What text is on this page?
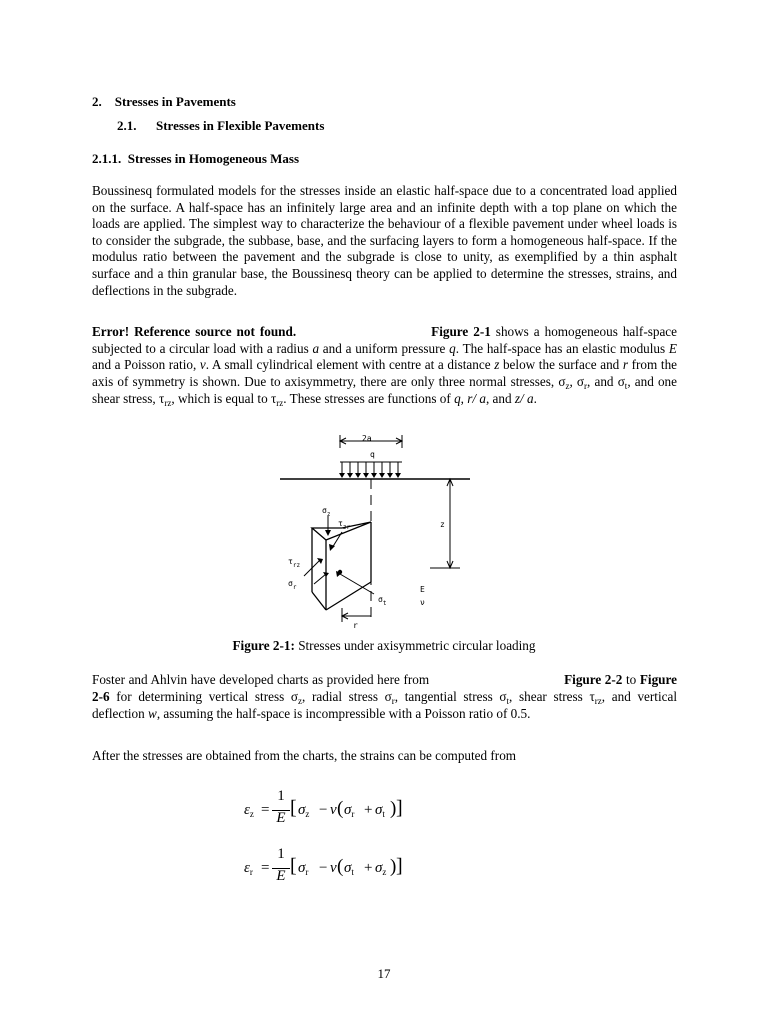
2.    Stresses in Pavements
2.1.      Stresses in Flexible Pavements
2.1.1.  Stresses in Homogeneous Mass

Boussinesq formulated models for the stresses inside an elastic half-space due to a concentrated load applied on the surface. A half-space has an infinitely large area and an infinite depth with a top plane on which the loads are applied. The simplest way to characterize the behaviour of a flexible pavement under wheel loads is to consider the subgrade, the subbase, base, and the surfacing layers to form a homogeneous half-space. If the modulus ratio between the pavement and the subgrade is close to unity, as exemplified by a thin asphalt surface and a thin granular base, the Boussinesq theory can be applied to determine the stresses, strains, and deflections in the subgrade.

Error! Reference source not found.	Figure 2-1 shows a homogeneous half-space subjected to a circular load with a radius a and a uniform pressure q. The half-space has an elastic modulus E and a Poisson ratio, v. A small cylindrical element with centre at a distance z below the surface and r from the axis of symmetry is shown. Due to axisymmetry, there are only three normal stresses, $\sigma_z$, $\sigma_r$, and $\sigma_t$, and one shear stress, $\tau_{rz}$, which is equal to $\tau_{rz}$. These stresses are functions of q, r/ a, and z/ a.

2a
q
$\sigma_z$
$\tau_{zr}$
$\tau_{rz}$
$\sigma_r$
$\sigma_t$
z
E
ν
r
Figure 2-1: Stresses under axisymmetric circular loading

Foster and Ahlvin have developed charts as provided here from	Figure 2-2 to Figure 2-6 for determining vertical stress $\sigma_z$, radial stress $\sigma_r$, tangential stress $\sigma_t$, shear stress $\tau_{rz}$, and vertical deflection w, assuming the half-space is incompressible with a Poisson ratio of 0.5.

After the stresses are obtained from the charts, the strains can be computed from

$\varepsilon_z$ =
1
E [ $\sigma_z - \nu$ ( $\sigma_r + \sigma_t$ ) ]
$\varepsilon_r$ =
1
E [ $\sigma_r - \nu$ ( $\sigma_t + \sigma_z$ ) ]
17
